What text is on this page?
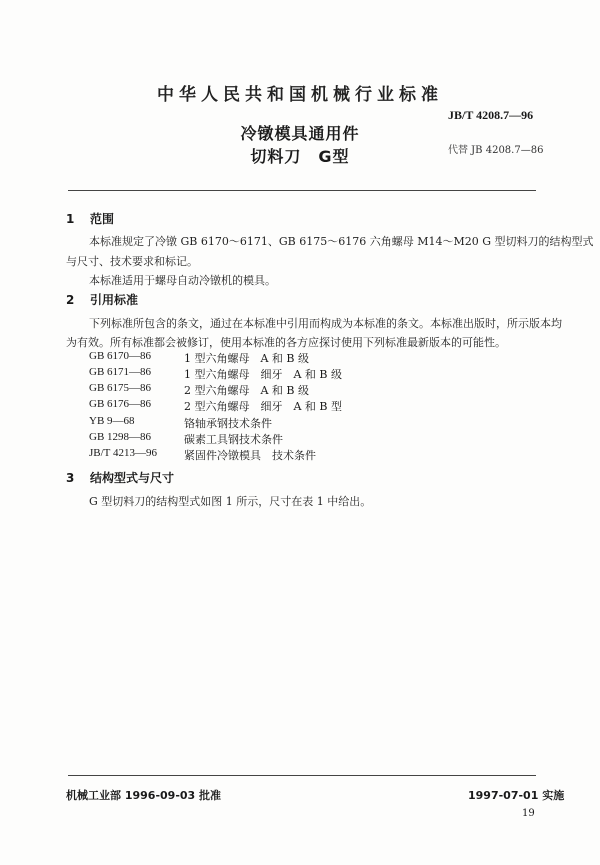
中华人民共和国机械行业标准
JB/T 4208.7—96
冷镦模具通用件
切料刀　G型	代替 JB 4208.7—86
1 范围
本标准规定了冷镦 GB 6170～6171、GB 6175～6176 六角螺母 M14～M20 G 型切料刀的结构型式
与尺寸、技术要求和标记。
本标准适用于螺母自动冷镦机的模具。
2 引用标准
下列标准所包含的条文，通过在本标准中引用而构成为本标准的条文。本标准出版时，所示版本均
为有效。所有标准都会被修订，使用本标准的各方应探讨使用下列标准最新版本的可能性。
GB 6170—86	1 型六角螺母　A 和 B 级
GB 6171—86	1 型六角螺母　细牙　A 和 B 级
GB 6175—86	2 型六角螺母　A 和 B 级
GB 6176—86	2 型六角螺母　细牙　A 和 B 型
YB 9—68	铬轴承钢技术条件
GB 1298—86	碳素工具钢技术条件
JB/T 4213—96 紧固件冷镦模具　技术条件
3 结构型式与尺寸
G 型切料刀的结构型式如图 1 所示，尺寸在表 1 中给出。
机械工业部 1996-09-03 批准	1997-07-01 实施
19
